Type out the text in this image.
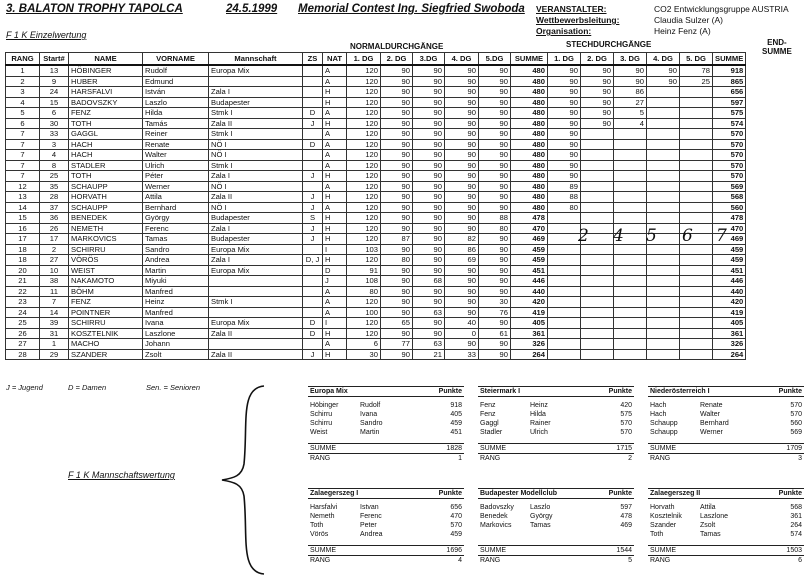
3. BALATON TROPHY TAPOLCA	24.5.1999 Memorial Contest Ing. Siegfried Swoboda VERANSTALTER:	CO2 Entwicklungsgruppe AUSTRIA
Wettbewerbsleitung:	Claudia Sulzer (A)
Organisation:	Heinz Fenz (A)
F 1 K Einzelwertung
NORMALDURCHGÄNGE	STECHDURCHGÄNGE	END-
SUMME
RANG	Start#	NAME	VORNAME	Mannschaft	ZS	NAT	1. DG	2. DG	3.DG	4. DG	5.DG	SUMME	1. DG	2. DG	3. DG	4. DG	5. DG	SUMME
1	13	HÖBINGER	Rudolf	Europa Mix		A	120	90	90	90	90	480	90	90	90	90	78	918
2	9	HUBER	Edmund			A	120	90	90	90	90	480	90	90	90	90	25	865
3	24	HARSFALVI	István	Zala I		H	120	90	90	90	90	480	90	90	86			656
4	15	BADOVSZKY	Laszlo	Budapester		H	120	90	90	90	90	480	90	90	27			597
5	6	FENZ	Hilda	Stmk I	D	A	120	90	90	90	90	480	90	90	5			575
6	30	TOTH	Tamás	Zala II	J	H	120	90	90	90	90	480	90	90	4			574
7	33	GAGGL	Reiner	Stmk I		A	120	90	90	90	90	480	90					570
7	3	HACH	Renate	NÖ I	D	A	120	90	90	90	90	480	90					570
7	4	HACH	Walter	NÖ I		A	120	90	90	90	90	480	90					570
7	8	STADLER	Ulrich	Stmk I		A	120	90	90	90	90	480	90					570
7	25	TOTH	Péter	Zala I	J	H	120	90	90	90	90	480	90					570
12	35	SCHAUPP	Werner	NÖ I		A	120	90	90	90	90	480	89					569
13	28	HORVATH	Attila	Zala II	J	H	120	90	90	90	90	480	88					568
14	37	SCHAUPP	Bernhard	NÖ I	J	A	120	90	90	90	90	480	80					560
15	36	BENEDEK	György	Budapester	S	H	120	90	90	90	88	478						478
16	26	NEMETH	Ferenc	Zala I	J	H	120	90	90	90	80	470						470
17	17	MARKOVICS	Tamas	Budapester	J	H	120	87	90	82	90	469						469
18	2	SCHIRRU	Sandro	Europa Mix		I	103	90	90	86	90	459						459
18	27	VÖRÖS	Andrea	Zala I	D, J	H	120	80	90	69	90	459						459
20	10	WEIST	Martin	Europa Mix		D	91	90	90	90	90	451						451
21	38	NAKAMOTO	Miyuki			J	108	90	68	90	90	446						446
22	11	BÖHM	Manfred			A	80	90	90	90	90	440						440
23	7	FENZ	Heinz	Stmk I		A	120	90	90	90	30	420						420
24	14	POINTNER	Manfred			A	100	90	63	90	76	419						419
25	39	SCHIRRU	Ivana	Europa Mix	D	I	120	65	90	40	90	405						405
26	31	KOSZTELNIK	Laszlone	Zala II	D	H	120	90	90	0	61	361						361
27	1	MACHO	Johann			A	6	77	63	90	90	326						326
28	29	SZANDER	Zsolt	Zala II	J	H	30	90	21	33	90	264						264
2 4 5 6 7
J = Jugend	D = Damen	Sen. = Senioren
F 1 K Mannschaftswertung
Europa Mix	Punkte
Höbinger	Rudolf	918
Schirru	Ivana	405
Schirru	Sandro	459
Weist	Martin	451
SUMME	1828
RANG	1
Steiermark I	Punkte
Fenz	Heinz	420
Fenz	Hilda	575
Gaggl	Rainer	570
Stadler	Ulrich	570
SUMME	1715
RANG	2
Niederösterreich I	Punkte
Hach	Renate	570
Hach	Walter	570
Schaupp	Bernhard	560
Schaupp	Werner	569
SUMME	1709
RANG	3
Zalaegerszeg I	Punkte
Harsfalvi	Istvan	656
Nemeth	Ferenc	470
Toth	Peter	570
Vörös	Andrea	459
SUMME	1696
RANG	4
Budapester Modellclub	Punkte
Badovszky	Laszlo	597
Benedek	György	478
Markovics	Tamas	469
SUMME	1544
RANG	5
Zalaegerszeg II	Punkte
Horvath	Attila	568
Kosztelnik	Laszlone	361
Szander	Zsolt	264
Toth	Tamas	574
SUMME	1503
RANG	6
